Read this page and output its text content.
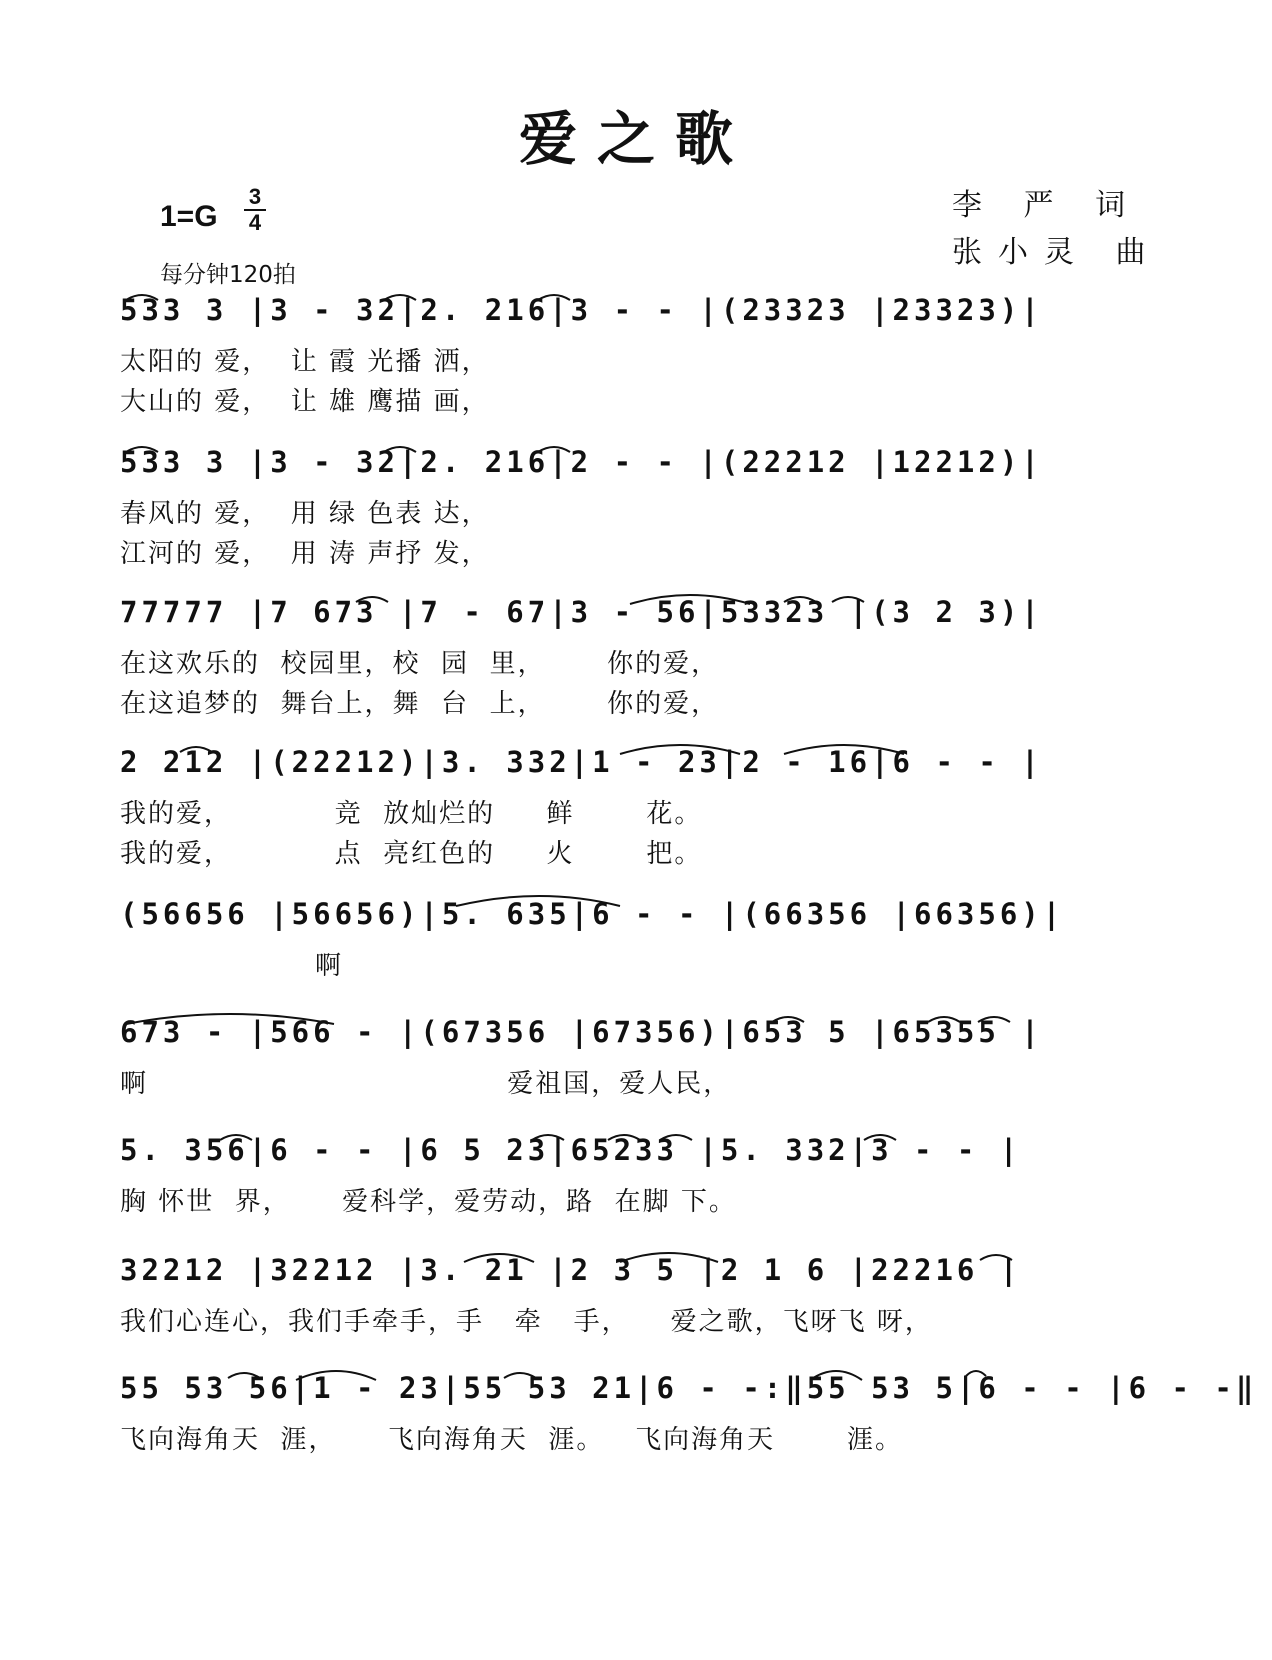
爱之歌
1=G
3
4
每分钟120拍
李 严 词
张小灵 曲
533 3 |3 - 32|2. 216|3 - - |(23323 |23323)|
太阳的 爱，  让 霞 光播 洒，
大山的 爱，  让 雄 鹰描 画，
533 3 |3 - 32|2. 216|2 - - |(22212 |12212)|
春风的 爱，  用 绿 色表 达，
江河的 爱，  用 涛 声抒 发，
77777 |7 673 |7 - 67|3 - 56|53323 |(3 2 3)|
在这欢乐的  校园里，校  园  里，      你的爱，
在这追梦的  舞台上，舞  台  上，      你的爱，
2 212 |(22212)|3. 332|1 - 23|2 - 16|6 - - |
我的爱，          竞  放灿烂的     鲜       花。
我的爱，          点  亮红色的     火       把。
(56656 |56656)|5. 635|6 - - |(66356 |66356)|
啊
673 - |566 - |(67356 |67356)|653 5 |65355 |
啊                                   爱祖国，爱人民，
5. 356|6 - - |6 5 23|65233 |5. 332|3 - - |
胸 怀世  界，     爱科学，爱劳动，路  在脚 下。
32212 |32212 |3. 21 |2 3 5 |2 1 6 |22216 |
我们心连心，我们手牵手，手   牵   手，    爱之歌，飞呀飞 呀，
55 53 56|1 - 23|55 53 21|6 - -:‖55 53 5|6 - - |6 - -‖
飞向海角天  涯，     飞向海角天  涯。   飞向海角天       涯。
